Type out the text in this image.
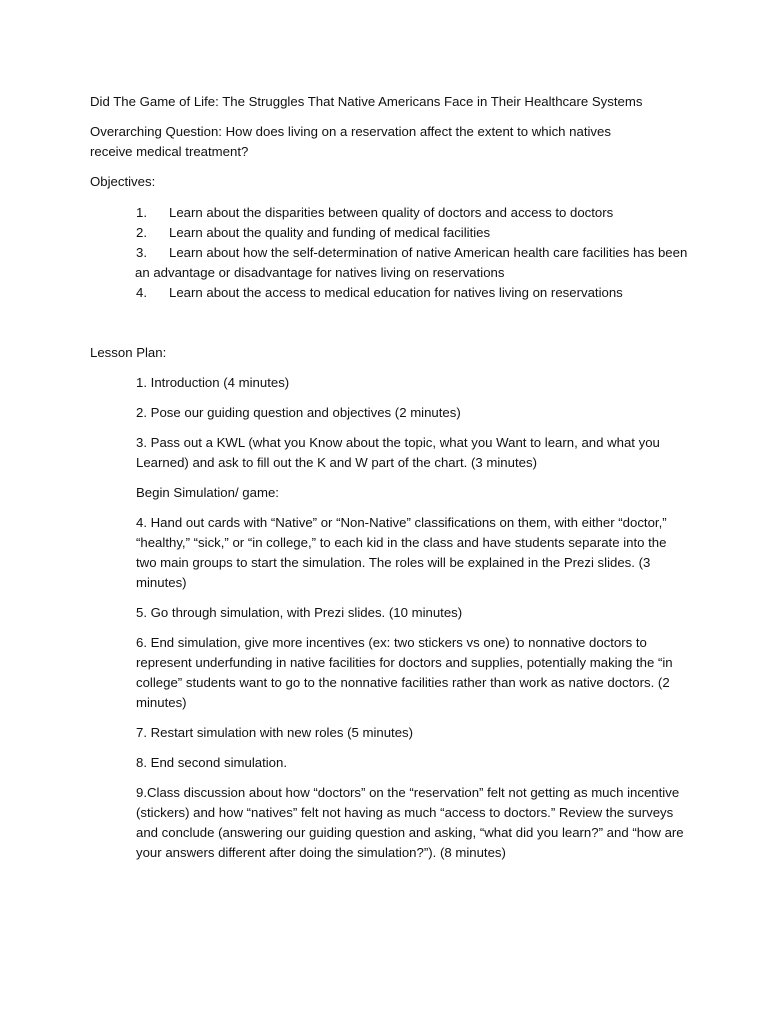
Did The Game of Life: The Struggles That Native Americans Face in Their Healthcare Systems
Overarching Question: How does living on a reservation affect the extent to which natives receive medical treatment?
Objectives:
1. Learn about the disparities between quality of doctors and access to doctors
2. Learn about the quality and funding of medical facilities
3. Learn about how the self-determination of native American health care facilities has been
an advantage or disadvantage for natives living on reservations
4. Learn about the access to medical education for natives living on reservations
Lesson Plan:

1. Introduction (4 minutes)

2. Pose our guiding question and objectives (2 minutes)

3. Pass out a KWL (what you Know about the topic, what you Want to learn, and what you Learned) and ask to fill out the K and W part of the chart. (3 minutes)

Begin Simulation/ game:

4. Hand out cards with “Native” or “Non-Native” classifications on them, with either “doctor,” “healthy,” “sick,” or “in college,” to each kid in the class and have students separate into the two main groups to start the simulation. The roles will be explained in the Prezi slides. (3 minutes)

5. Go through simulation, with Prezi slides. (10 minutes)

6. End simulation, give more incentives (ex: two stickers vs one) to nonnative doctors to represent underfunding in native facilities for doctors and supplies, potentially making the “in college” students want to go to the nonnative facilities rather than work as native doctors. (2 minutes)

7. Restart simulation with new roles (5 minutes)

8. End second simulation.

9.Class discussion about how “doctors” on the “reservation” felt not getting as much incentive (stickers) and how “natives” felt not having as much “access to doctors.” Review the surveys and conclude (answering our guiding question and asking, “what did you learn?” and “how are your answers different after doing the simulation?”). (8 minutes)
